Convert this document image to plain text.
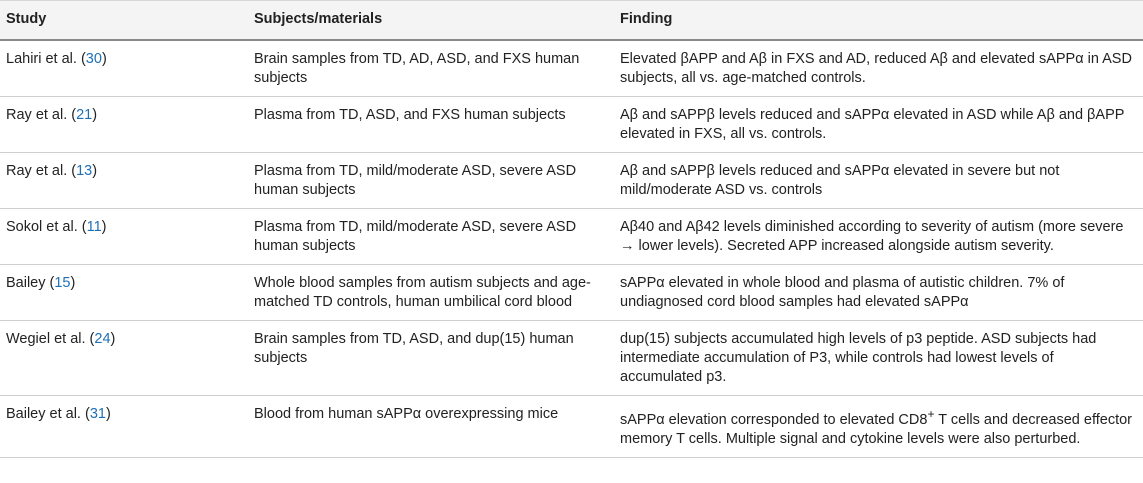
Study	Subjects/materials	Finding
Lahiri et al. (30)	Brain samples from TD, AD, ASD, and FXS human subjects	Elevated βAPP and Aβ in FXS and AD, reduced Aβ and elevated sAPPα in ASD subjects, all vs. age-matched controls.
Ray et al. (21)	Plasma from TD, ASD, and FXS human subjects	Aβ and sAPPβ levels reduced and sAPPα elevated in ASD while Aβ and βAPP elevated in FXS, all vs. controls.
Ray et al. (13)	Plasma from TD, mild/moderate ASD, severe ASD human subjects	Aβ and sAPPβ levels reduced and sAPPα elevated in severe but not mild/moderate ASD vs. controls
Sokol et al. (11)	Plasma from TD, mild/moderate ASD, severe ASD human subjects	Aβ40 and Aβ42 levels diminished according to severity of autism (more severe → lower levels). Secreted APP increased alongside autism severity.
Bailey (15)	Whole blood samples from autism subjects and age-matched TD controls, human umbilical cord blood	sAPPα elevated in whole blood and plasma of autistic children. 7% of undiagnosed cord blood samples had elevated sAPPα
Wegiel et al. (24)	Brain samples from TD, ASD, and dup(15) human subjects	dup(15) subjects accumulated high levels of p3 peptide. ASD subjects had intermediate accumulation of P3, while controls had lowest levels of accumulated p3.
Bailey et al. (31)	Blood from human sAPPα overexpressing mice	sAPPα elevation corresponded to elevated CD8+ T cells and decreased effector memory T cells. Multiple signal and cytokine levels were also perturbed.
